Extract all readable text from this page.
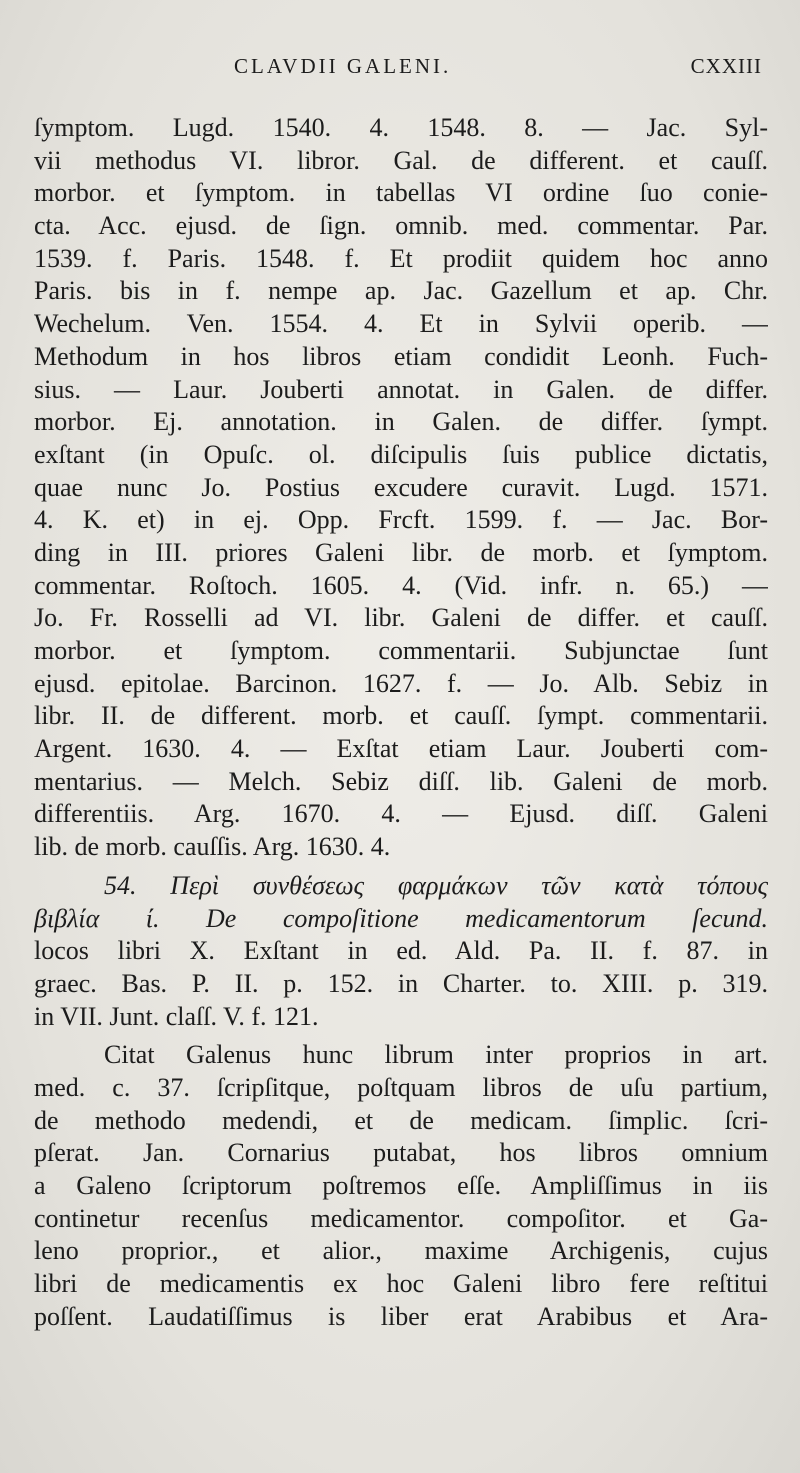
CLAVDII GALENI.	CXXIII
ſymptom. Lugd. 1540. 4. 1548. 8. — Jac. Syl-
vii methodus VI. libror. Gal. de different. et cauſſ.
morbor. et ſymptom. in tabellas VI ordine ſuo conie-
cta. Acc. ejusd. de ſign. omnib. med. commentar. Par.
1539. f. Paris. 1548. f. Et prodiit quidem hoc anno
Paris. bis in f. nempe ap. Jac. Gazellum et ap. Chr.
Wechelum. Ven. 1554. 4. Et in Sylvii operib. —
Methodum in hos libros etiam condidit Leonh. Fuch-
sius. — Laur. Jouberti annotat. in Galen. de differ.
morbor. Ej. annotation. in Galen. de differ. ſympt.
exſtant (in Opuſc. ol. diſcipulis ſuis publice dictatis,
quae nunc Jo. Postius excudere curavit. Lugd. 1571.
4. K. et) in ej. Opp. Frcft. 1599. f. — Jac. Bor-
ding in III. priores Galeni libr. de morb. et ſymptom.
commentar. Roſtoch. 1605. 4. (Vid. infr. n. 65.) —
Jo. Fr. Rosselli ad VI. libr. Galeni de differ. et cauſſ.
morbor. et ſymptom. commentarii. Subjunctae ſunt
ejusd. epitolae. Barcinon. 1627. f. — Jo. Alb. Sebiz in
libr. II. de different. morb. et cauſſ. ſympt. commentarii.
Argent. 1630. 4. — Exſtat etiam Laur. Jouberti com-
mentarius. — Melch. Sebiz diſſ. lib. Galeni de morb.
differentiis. Arg. 1670. 4. — Ejusd. diſſ. Galeni
lib. de morb. cauſſis. Arg. 1630. 4.
54. Περὶ συνθέσεως φαρμάκων τῶν κατὰ τόπους
βιβλία ί. De compoſitione medicamentorum ſecund.
locos libri X. Exſtant in ed. Ald. Pa. II. f. 87. in
graec. Bas. P. II. p. 152. in Charter. to. XIII. p. 319.
in VII. Junt. claſſ. V. f. 121.
Citat Galenus hunc librum inter proprios in art.
med. c. 37. ſcripſitque, poſtquam libros de uſu partium,
de methodo medendi, et de medicam. ſimplic. ſcri-
pſerat. Jan. Cornarius putabat, hos libros omnium
a Galeno ſcriptorum poſtremos eſſe. Ampliſſimus in iis
continetur recenſus medicamentor. compoſitor. et Ga-
leno proprior., et alior., maxime Archigenis, cujus
libri de medicamentis ex hoc Galeni libro fere reſtitui
poſſent. Laudatiſſimus is liber erat Arabibus et Ara-
